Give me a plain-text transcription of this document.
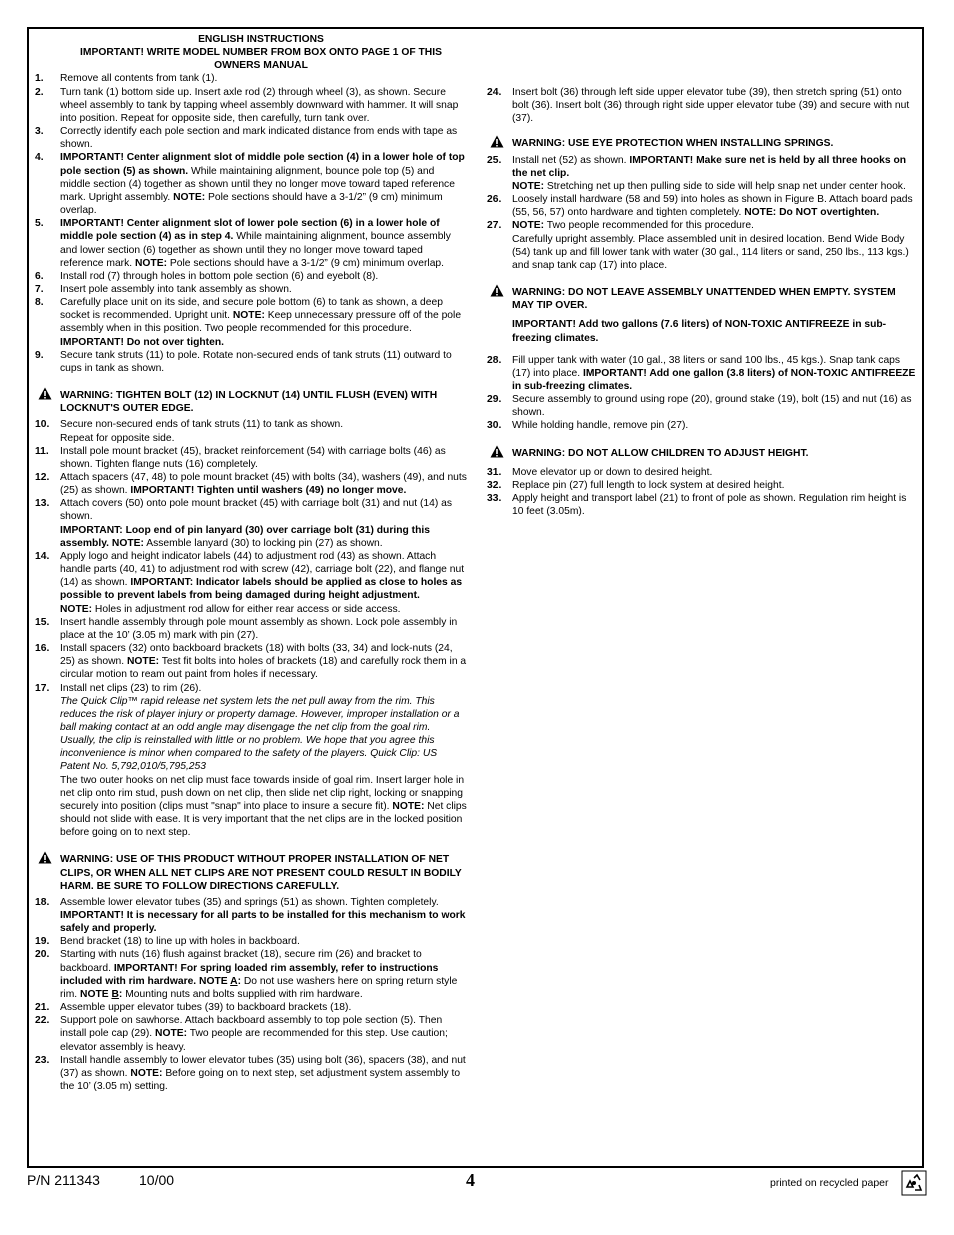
ENGLISH INSTRUCTIONS
IMPORTANT! WRITE MODEL NUMBER FROM BOX ONTO PAGE 1 OF THIS
OWNERS MANUAL
1. Remove all contents from tank (1).
2. Turn tank (1) bottom side up. Insert axle rod (2) through wheel (3), as shown. Secure wheel assembly to tank by tapping wheel assembly downward with hammer. It will snap into position. Repeat for opposite side, then carefully, turn tank over.
3. Correctly identify each pole section and mark indicated distance from ends with tape as shown.
4. IMPORTANT! Center alignment slot of middle pole section (4) in a lower hole of top pole section (5) as shown. While maintaining alignment, bounce pole top (5) and middle section (4) together as shown until they no longer move toward taped reference mark. Upright assembly. NOTE: Pole sections should have a 3-1/2” (9 cm) minimum overlap.
5. IMPORTANT! Center alignment slot of lower pole section (6) in a lower hole of middle pole section (4) as in step 4. While maintaining alignment, bounce assembly and lower section (6) together as shown until they no longer move toward taped reference mark. NOTE: Pole sections should have a 3-1/2” (9 cm) minimum overlap.
6. Install rod (7) through holes in bottom pole section (6) and eyebolt (8).
7. Insert pole assembly into tank assembly as shown.
8. Carefully place unit on its side, and secure pole bottom (6) to tank as shown, a deep socket is recommended. Upright unit. NOTE: Keep unnecessary pressure off of the pole assembly when in this position. Two people recommended for this procedure. IMPORTANT! Do not over tighten.
9. Secure tank struts (11) to pole. Rotate non-secured ends of tank struts (11) outward to cups in tank as shown.
WARNING: TIGHTEN BOLT (12) IN LOCKNUT (14) UNTIL FLUSH (EVEN) WITH LOCKNUT'S OUTER EDGE.
10. Secure non-secured ends of tank struts (11) to tank as shown.
Repeat for opposite side.
11. Install pole mount bracket (45), bracket reinforcement (54) with carriage bolts (46) as shown. Tighten flange nuts (16) completely.
12. Attach spacers (47, 48) to pole mount bracket (45) with bolts (34), washers (49), and nuts (25) as shown. IMPORTANT! Tighten until washers (49) no longer move.
13. Attach covers (50) onto pole mount bracket (45) with carriage bolt (31) and nut (14) as shown.
IMPORTANT: Loop end of pin lanyard (30) over carriage bolt (31) during this assembly. NOTE: Assemble lanyard (30) to locking pin (27) as shown.
14. Apply logo and height indicator labels (44) to adjustment rod (43) as shown. Attach handle parts (40, 41) to adjustment rod with screw (42), carriage bolt (22), and flange nut (14) as shown. IMPORTANT: Indicator labels should be applied as close to holes as possible to prevent labels from being damaged during height adjustment.
NOTE: Holes in adjustment rod allow for either rear access or side access.
15. Insert handle assembly through pole mount assembly as shown. Lock pole assembly in place at the 10’ (3.05 m) mark with pin (27).
16. Install spacers (32) onto backboard brackets (18) with bolts (33, 34) and lock-nuts (24, 25) as shown. NOTE: Test fit bolts into holes of brackets (18) and carefully rock them in a circular motion to ream out paint from holes if necessary.
17. Install net clips (23) to rim (26).
The Quick Clip™ rapid release net system lets the net pull away from the rim. This reduces the risk of player injury or property damage. However, improper installation or a ball making contact at an odd angle may disengage the net clip from the goal rim. Usually, the clip is reinstalled with little or no problem. We hope that you agree this inconvenience is minor when compared to the safety of the players. Quick Clip: US Patent No. 5,792,010/5,795,253
The two outer hooks on net clip must face towards inside of goal rim. Insert larger hole in net clip onto rim stud, push down on net clip, then slide net clip right, locking or snapping securely into position (clips must "snap" into place to insure a secure fit). NOTE: Net clips should not slide with ease. It is very important that the net clips are in the locked position before going on to next step.
WARNING: USE OF THIS PRODUCT WITHOUT PROPER INSTALLATION OF NET CLIPS, OR WHEN ALL NET CLIPS ARE NOT PRESENT COULD RESULT IN BODILY HARM. BE SURE TO FOLLOW DIRECTIONS CAREFULLY.
18. Assemble lower elevator tubes (35) and springs (51) as shown. Tighten completely.
IMPORTANT! It is necessary for all parts to be installed for this mechanism to work safely and properly.
19. Bend bracket (18) to line up with holes in backboard.
20. Starting with nuts (16) flush against bracket (18), secure rim (26) and bracket to backboard. IMPORTANT! For spring loaded rim assembly, refer to instructions included with rim hardware. NOTE A: Do not use washers here on spring return style rim. NOTE B: Mounting nuts and bolts supplied with rim hardware.
21. Assemble upper elevator tubes (39) to backboard brackets (18).
22. Support pole on sawhorse. Attach backboard assembly to top pole section (5). Then install pole cap (29). NOTE: Two people are recommended for this step. Use caution; elevator assembly is heavy.
23. Install handle assembly to lower elevator tubes (35) using bolt (36), spacers (38), and nut (37) as shown. NOTE: Before going on to next step, set adjustment system assembly to the 10’ (3.05 m) setting.
24. Insert bolt (36) through left side upper elevator tube (39), then stretch spring (51) onto bolt (36). Insert bolt (36) through right side upper elevator tube (39) and secure with nut (37).
WARNING: USE EYE PROTECTION WHEN INSTALLING SPRINGS.
25. Install net (52) as shown. IMPORTANT! Make sure net is held by all three hooks on the net clip.
NOTE: Stretching net up then pulling side to side will help snap net under center hook.
26. Loosely install hardware (58 and 59) into holes as shown in Figure B. Attach board pads (55, 56, 57) onto hardware and tighten completely. NOTE: Do NOT overtighten.
27. NOTE: Two people recommended for this procedure.
Carefully upright assembly. Place assembled unit in desired location. Bend Wide Body (54) tank up and fill lower tank with water (30 gal., 114 liters or sand, 250 lbs., 113 kgs.) and snap tank cap (17) into place.
WARNING: DO NOT LEAVE ASSEMBLY UNATTENDED WHEN EMPTY. SYSTEM MAY TIP OVER.
IMPORTANT! Add two gallons (7.6 liters) of NON-TOXIC ANTIFREEZE in sub-freezing climates.
28. Fill upper tank with water (10 gal., 38 liters or sand 100 lbs., 45 kgs.). Snap tank caps (17) into place. IMPORTANT! Add one gallon (3.8 liters) of NON-TOXIC ANTIFREEZE in sub-freezing climates.
29. Secure assembly to ground using rope (20), ground stake (19), bolt (15) and nut (16) as shown.
30. While holding handle, remove pin (27).
WARNING: DO NOT ALLOW CHILDREN TO ADJUST HEIGHT.
31. Move elevator up or down to desired height.
32. Replace pin (27) full length to lock system at desired height.
33. Apply height and transport label (21) to front of pole as shown. Regulation rim height is 10 feet (3.05m).
P/N 211343	10/00	4	printed on recycled paper
